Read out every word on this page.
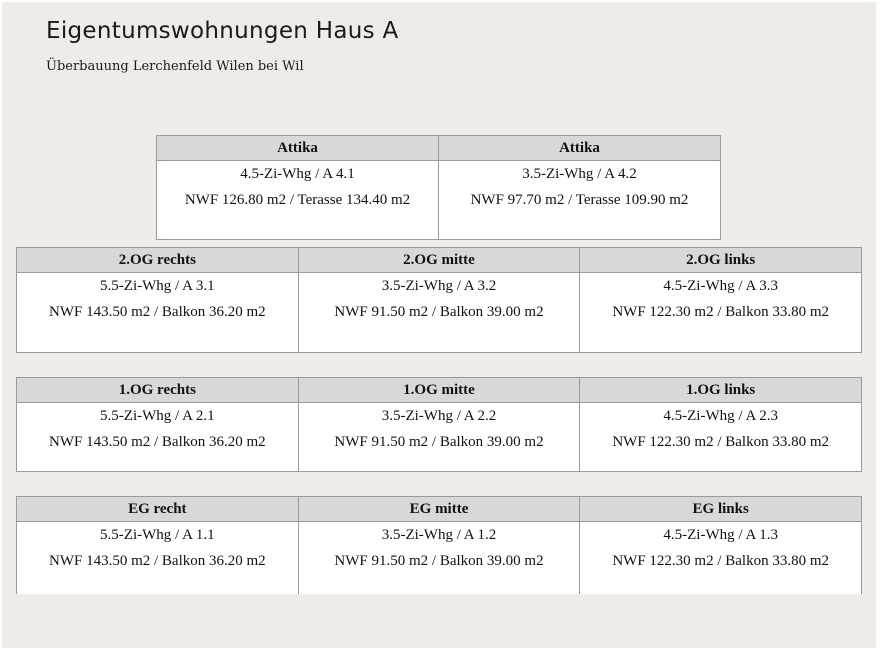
Eigentumswohnungen Haus A

Überbauung Lerchenfeld Wilen bei Wil

Attika
4.5-Zi-Whg / A 4.1
NWF 126.80 m2 / Terasse 134.40 m2
Attika
3.5-Zi-Whg / A 4.2
NWF 97.70 m2 / Terasse 109.90 m2
2.OG rechts
5.5-Zi-Whg / A 3.1
NWF 143.50 m2 / Balkon 36.20 m2
2.OG mitte
3.5-Zi-Whg / A 3.2
NWF 91.50 m2 / Balkon 39.00 m2
2.OG links
4.5-Zi-Whg / A 3.3
NWF 122.30 m2 / Balkon 33.80 m2
1.OG rechts
5.5-Zi-Whg / A 2.1
NWF 143.50 m2 / Balkon 36.20 m2
1.OG mitte
3.5-Zi-Whg / A 2.2
NWF 91.50 m2 / Balkon 39.00 m2
1.OG links
4.5-Zi-Whg / A 2.3
NWF 122.30 m2 / Balkon 33.80 m2
EG recht
5.5-Zi-Whg / A 1.1
NWF 143.50 m2 / Balkon 36.20 m2
EG mitte
3.5-Zi-Whg / A 1.2
NWF 91.50 m2 / Balkon 39.00 m2
EG links
4.5-Zi-Whg / A 1.3
NWF 122.30 m2 / Balkon 33.80 m2
